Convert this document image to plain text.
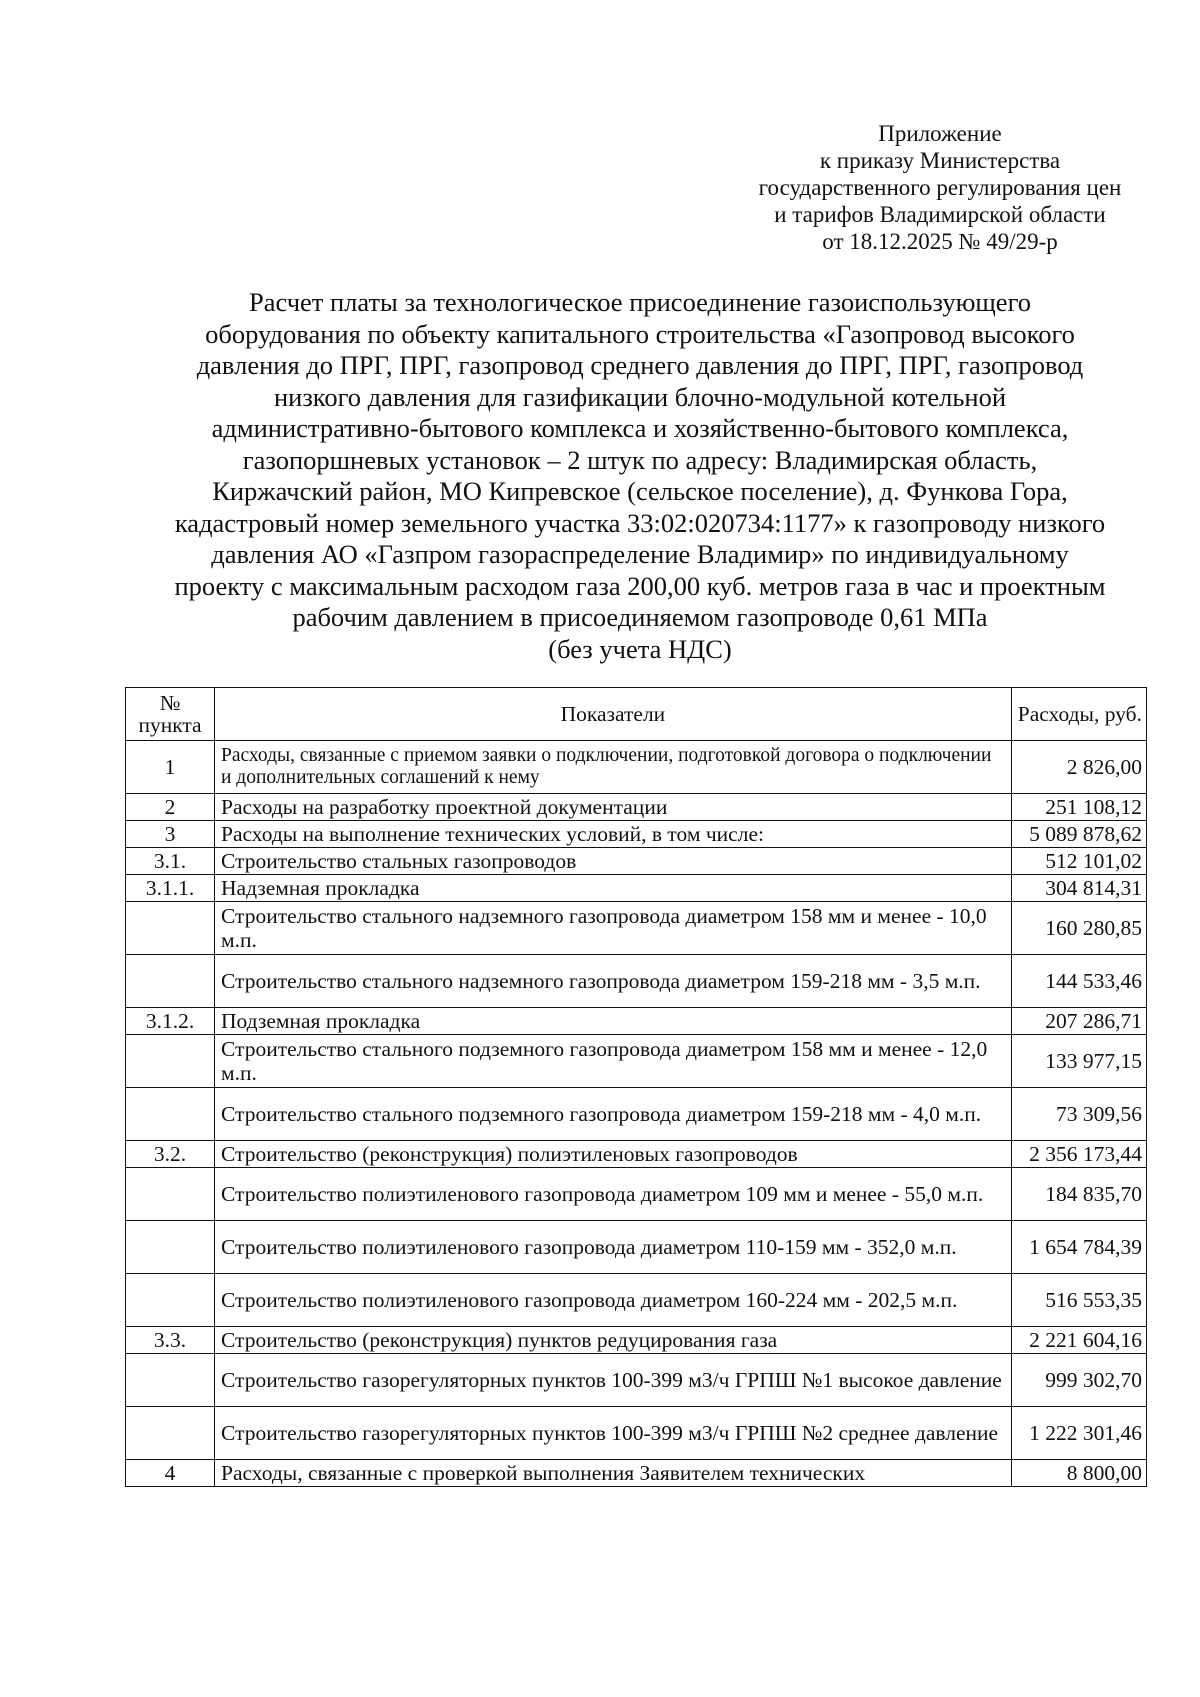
Приложение
к приказу Министерства
государственного регулирования цен
и тарифов Владимирской области
от 18.12.2025 № 49/29-р
Расчет платы за технологическое присоединение газоиспользующего
оборудования по объекту капитального строительства «Газопровод высокого
давления до ПРГ, ПРГ, газопровод среднего давления до ПРГ, ПРГ, газопровод
низкого давления для газификации блочно-модульной котельной
административно-бытового комплекса и хозяйственно-бытового комплекса,
газопоршневых установок – 2 штук по адресу: Владимирская область,
Киржачский район, МО Кипревское (сельское поселение), д. Функова Гора,
кадастровый номер земельного участка 33:02:020734:1177» к газопроводу низкого
давления АО «Газпром газораспределение Владимир» по индивидуальному
проекту с максимальным расходом газа 200,00 куб. метров газа в час и проектным
рабочим давлением в присоединяемом газопроводе 0,61 МПа
(без учета НДС)
№ пункта	Показатели	Расходы, руб.
1	Расходы, связанные с приемом заявки о подключении, подготовкой договора о подключении и дополнительных соглашений к нему	2 826,00
2	Расходы на разработку проектной документации	251 108,12
3	Расходы на выполнение технических условий, в том числе:	5 089 878,62
3.1.	Строительство стальных газопроводов	512 101,02
3.1.1.	Надземная прокладка	304 814,31
	Строительство стального надземного газопровода диаметром 158 мм и менее - 10,0 м.п.	160 280,85
	Строительство стального надземного газопровода диаметром 159-218 мм - 3,5 м.п.	144 533,46
3.1.2.	Подземная прокладка	207 286,71
	Строительство стального подземного газопровода диаметром 158 мм и менее - 12,0 м.п.	133 977,15
	Строительство стального подземного газопровода диаметром 159-218 мм - 4,0 м.п.	73 309,56
3.2.	Строительство (реконструкция) полиэтиленовых газопроводов	2 356 173,44
	Строительство полиэтиленового газопровода диаметром 109 мм и менее - 55,0 м.п.	184 835,70
	Строительство полиэтиленового газопровода диаметром 110-159 мм - 352,0 м.п.	1 654 784,39
	Строительство полиэтиленового газопровода диаметром 160-224 мм - 202,5 м.п.	516 553,35
3.3.	Строительство (реконструкция) пунктов редуцирования газа	2 221 604,16
	Строительство газорегуляторных пунктов 100-399 м3/ч ГРПШ №1 высокое давление	999 302,70
	Строительство газорегуляторных пунктов 100-399 м3/ч ГРПШ №2 среднее давление	1 222 301,46
4	Расходы, связанные с проверкой выполнения Заявителем технических	8 800,00
